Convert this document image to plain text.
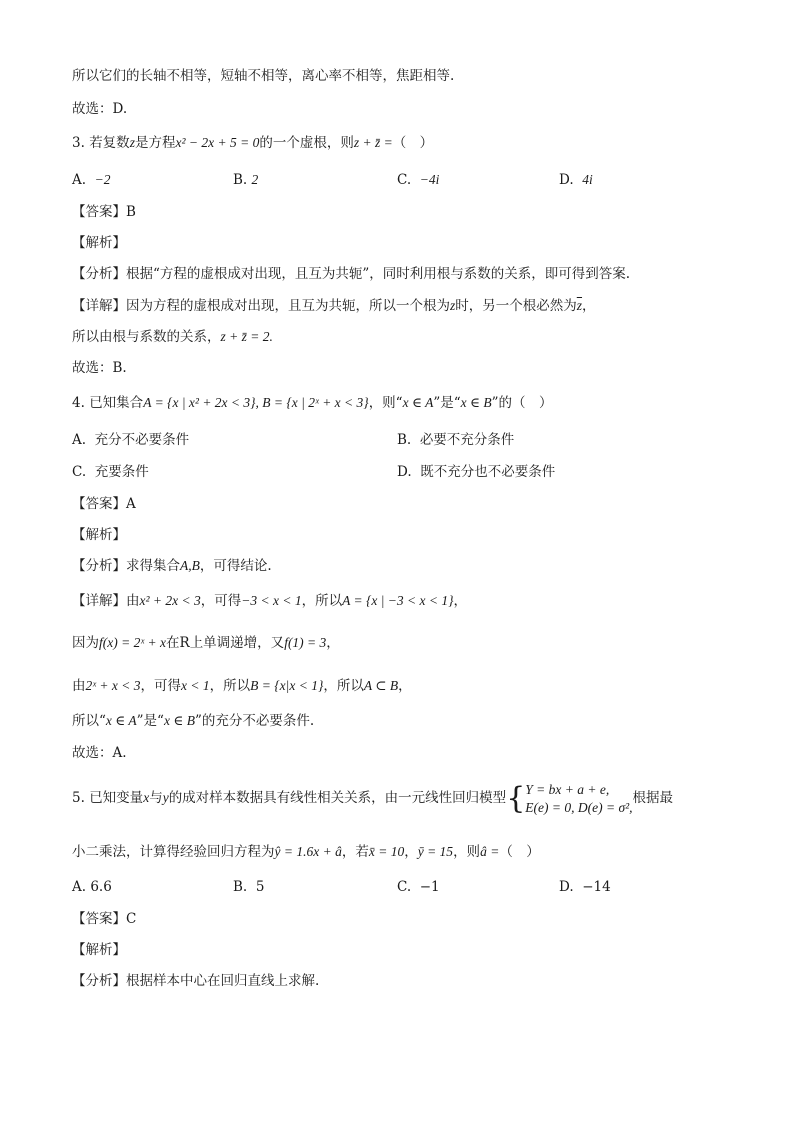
所以它们的长轴不相等，短轴不相等，离心率不相等，焦距相等.
故选：D.
3. 若复数z是方程x² − 2x + 5 = 0的一个虚根，则z + z̄ =（　）
A. −2	B. 2	C. −4i	D. 4i
【答案】B
【解析】
【分析】根据“方程的虚根成对出现，且互为共轭”，同时利用根与系数的关系，即可得到答案.
【详解】因为方程的虚根成对出现，且互为共轭，所以一个根为z时，另一个根必然为$\overline{z}$，
所以由根与系数的关系，z + z̄ = 2.
故选：B.
4. 已知集合A = {x | x² + 2x < 3}, B = {x | 2ˣ + x < 3}，则“x ∈ A”是“x ∈ B”的（　）
A. 充分不必要条件	B. 必要不充分条件
C. 充要条件	D. 既不充分也不必要条件
【答案】A
【解析】
【分析】求得集合A,B，可得结论.
【详解】由x² + 2x < 3，可得−3 < x < 1，所以A = {x | −3 < x < 1}，
因为f(x) = 2ˣ + x在R上单调递增，又f(1) = 3，
由2ˣ + x < 3，可得x < 1，所以B = {x|x < 1}，所以A ⊂ B，
所以“x ∈ A”是“x ∈ B”的充分不必要条件.
故选：A.
5. 已知变量x与y的成对样本数据具有线性相关关系，由一元线性回归模型{ Y = bx + a + e,
E(e) = 0, D(e) = σ²,
根据最
小二乘法，计算得经验回归方程为ŷ = 1.6x + â，若x̄ = 10，ȳ = 15，则â =（　）
A. 6.6	B. 5	C. −1	D. −14
【答案】C
【解析】
【分析】根据样本中心在回归直线上求解.
